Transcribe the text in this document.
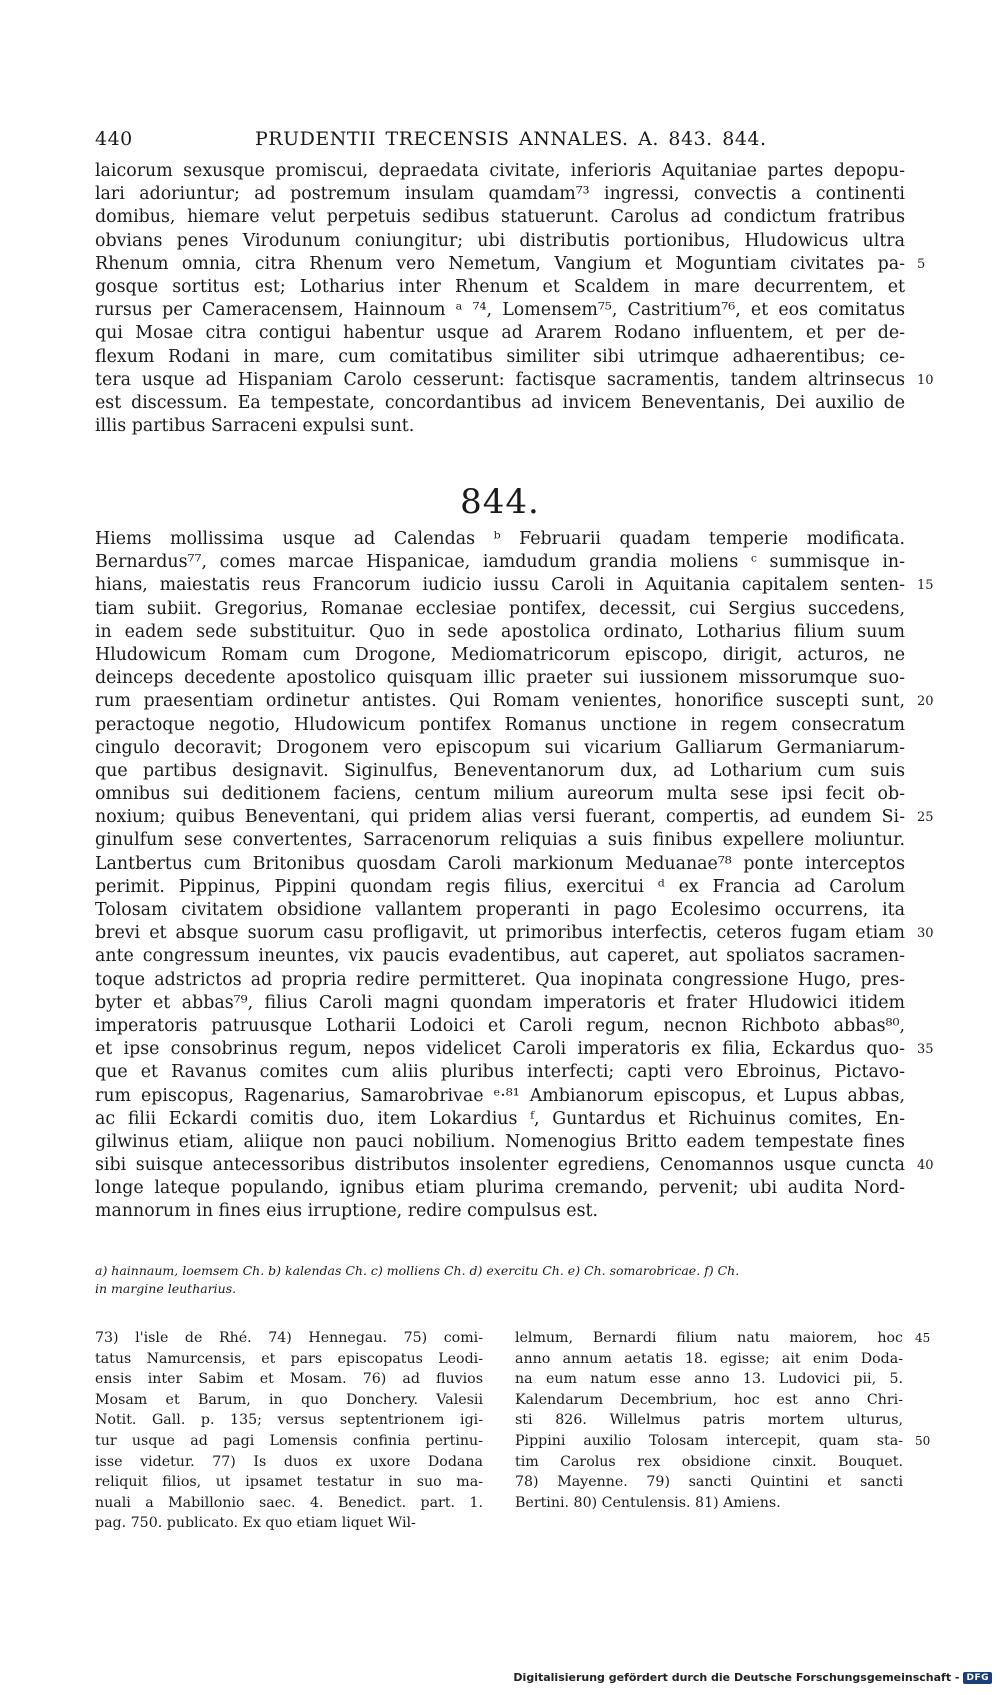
440	PRUDENTII TRECENSIS ANNALES. A. 843. 844.
laicorum sexusque promiscui, depraedata civitate, inferioris Aquitaniae partes depopu-
lari adoriuntur; ad postremum insulam quamdam⁷³ ingressi, convectis a continenti
domibus, hiemare velut perpetuis sedibus statuerunt. Carolus ad condictum fratribus
obvians penes Virodunum coniungitur; ubi distributis portionibus, Hludowicus ultra
Rhenum omnia, citra Rhenum vero Nemetum, Vangium et Moguntiam civitates pa- 5
gosque sortitus est; Lotharius inter Rhenum et Scaldem in mare decurrentem, et
rursus per Cameracensem, Hainnoum ᵃ ⁷⁴, Lomensem⁷⁵, Castritium⁷⁶, et eos comitatus
qui Mosae citra contigui habentur usque ad Ararem Rodano influentem, et per de-
flexum Rodani in mare, cum comitatibus similiter sibi utrimque adhaerentibus; ce-
tera usque ad Hispaniam Carolo cesserunt: factisque sacramentis, tandem altrinsecus 10
est discessum. Ea tempestate, concordantibus ad invicem Beneventanis, Dei auxilio de
illis partibus Sarraceni expulsi sunt.
844.
Hiems mollissima usque ad Calendas ᵇ Februarii quadam temperie modificata.
Bernardus⁷⁷, comes marcae Hispanicae, iamdudum grandia moliens ᶜ summisque in-
hians, maiestatis reus Francorum iudicio iussu Caroli in Aquitania capitalem senten- 15
tiam subiit. Gregorius, Romanae ecclesiae pontifex, decessit, cui Sergius succedens,
in eadem sede substituitur. Quo in sede apostolica ordinato, Lotharius filium suum
Hludowicum Romam cum Drogone, Mediomatricorum episcopo, dirigit, acturos, ne
deinceps decedente apostolico quisquam illic praeter sui iussionem missorumque suo-
rum praesentiam ordinetur antistes. Qui Romam venientes, honorifice suscepti sunt, 20
peractoque negotio, Hludowicum pontifex Romanus unctione in regem consecratum
cingulo decoravit; Drogonem vero episcopum sui vicarium Galliarum Germaniarum-
que partibus designavit. Siginulfus, Beneventanorum dux, ad Lotharium cum suis
omnibus sui deditionem faciens, centum milium aureorum multa sese ipsi fecit ob-
noxium; quibus Beneventani, qui pridem alias versi fuerant, compertis, ad eundem Si- 25
ginulfum sese convertentes, Sarracenorum reliquias a suis finibus expellere moliuntur.
Lantbertus cum Britonibus quosdam Caroli markionum Meduanae⁷⁸ ponte interceptos
perimit. Pippinus, Pippini quondam regis filius, exercitui ᵈ ex Francia ad Carolum
Tolosam civitatem obsidione vallantem properanti in pago Ecolesimo occurrens, ita
brevi et absque suorum casu profligavit, ut primoribus interfectis, ceteros fugam etiam 30
ante congressum ineuntes, vix paucis evadentibus, aut caperet, aut spoliatos sacramen-
toque adstrictos ad propria redire permitteret. Qua inopinata congressione Hugo, pres-
byter et abbas⁷⁹, filius Caroli magni quondam imperatoris et frater Hludowici itidem
imperatoris patruusque Lotharii Lodoici et Caroli regum, necnon Richboto abbas⁸⁰,
et ipse consobrinus regum, nepos videlicet Caroli imperatoris ex filia, Eckardus quo- 35
que et Ravanus comites cum aliis pluribus interfecti; capti vero Ebroinus, Pictavo-
rum episcopus, Ragenarius, Samarobrivae ᵉ·⁸¹ Ambianorum episcopus, et Lupus abbas,
ac filii Eckardi comitis duo, item Lokardius ᶠ, Guntardus et Richuinus comites, En-
gilwinus etiam, aliique non pauci nobilium. Nomenogius Britto eadem tempestate fines
sibi suisque antecessoribus distributos insolenter egrediens, Cenomannos usque cuncta 40
longe lateque populando, ignibus etiam plurima cremando, pervenit; ubi audita Nord-
mannorum in fines eius irruptione, redire compulsus est.
a) hainnaum, loemsem Ch. b) kalendas Ch. c) molliens Ch. d) exercitu Ch. e) Ch. somarobricae. f) Ch.
in margine leutharius.
73) l'isle de Rhé. 74) Hennegau. 75) comi-
tatus Namurcensis, et pars episcopatus Leodi-
ensis inter Sabim et Mosam. 76) ad fluvios
Mosam et Barum, in quo Donchery. Valesii
Notit. Gall. p. 135; versus septentrionem igi-
tur usque ad pagi Lomensis confinia pertinu-
isse videtur. 77) Is duos ex uxore Dodana
reliquit filios, ut ipsamet testatur in suo ma-
nuali a Mabillonio saec. 4. Benedict. part. 1.
pag. 750. publicato. Ex quo etiam liquet Wil-
lelmum, Bernardi filium natu maiorem, hoc 45
anno annum aetatis 18. egisse; ait enim Doda-
na eum natum esse anno 13. Ludovici pii, 5.
Kalendarum Decembrium, hoc est anno Chri-
sti 826. Willelmus patris mortem ulturus,
Pippini auxilio Tolosam intercepit, quam sta- 50
tim Carolus rex obsidione cinxit. Bouquet.
78) Mayenne. 79) sancti Quintini et sancti
Bertini. 80) Centulensis. 81) Amiens.
Digitalisierung gefördert durch die Deutsche Forschungsgemeinschaft - DFG
